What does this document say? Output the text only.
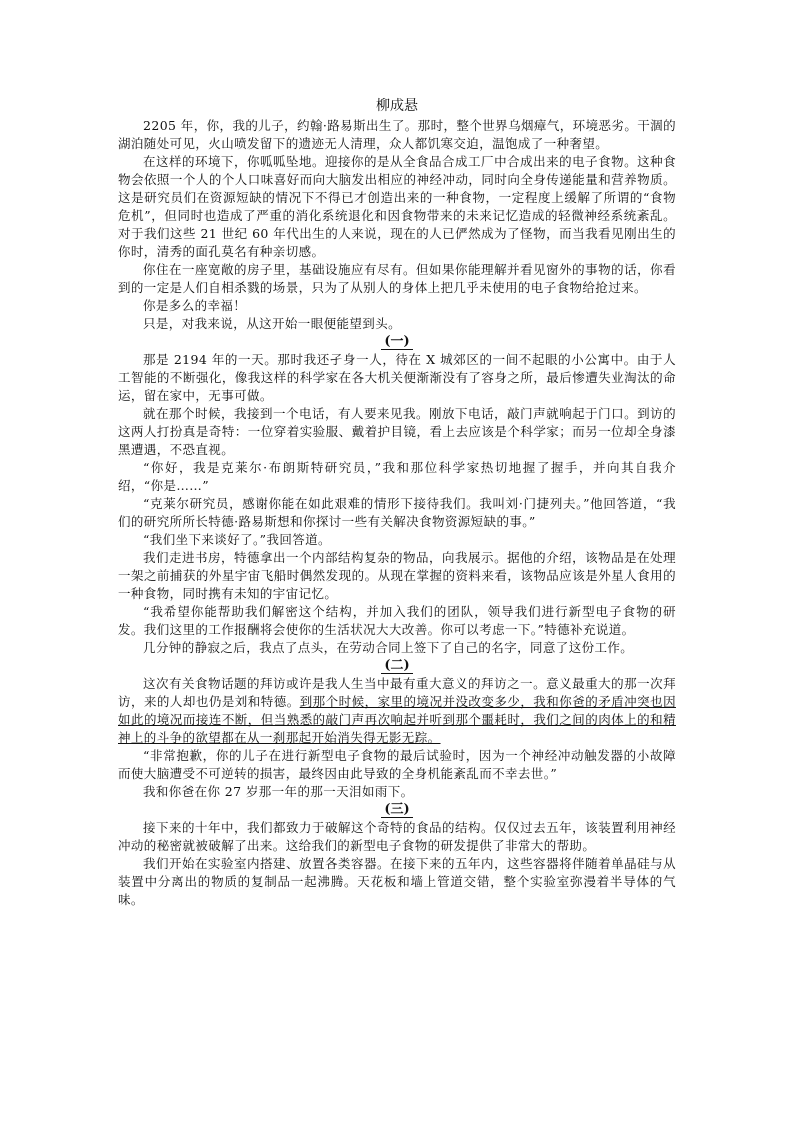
柳成悬

2205 年，你，我的儿子，约翰·路易斯出生了。那时，整个世界乌烟瘴气，环境恶劣。干涸的湖泊随处可见，火山喷发留下的遗迹无人清理，众人都饥寒交迫，温饱成了一种奢望。

在这样的环境下，你呱呱坠地。迎接你的是从全食品合成工厂中合成出来的电子食物。这种食物会依照一个人的个人口味喜好而向大脑发出相应的神经冲动，同时向全身传递能量和营养物质。这是研究员们在资源短缺的情况下不得已才创造出来的一种食物，一定程度上缓解了所谓的“食物危机”，但同时也造成了严重的消化系统退化和因食物带来的未来记忆造成的轻微神经系统紊乱。对于我们这些 21 世纪 60 年代出生的人来说，现在的人已俨然成为了怪物，而当我看见刚出生的你时，清秀的面孔莫名有种亲切感。

你住在一座宽敞的房子里，基础设施应有尽有。但如果你能理解并看见窗外的事物的话，你看到的一定是人们自相杀戮的场景，只为了从别人的身体上把几乎未使用的电子食物给抢过来。

你是多么的幸福！

只是，对我来说，从这开始一眼便能望到头。

(一)

那是 2194 年的一天。那时我还孑身一人，待在 X 城郊区的一间不起眼的小公寓中。由于人工智能的不断强化，像我这样的科学家在各大机关便渐渐没有了容身之所，最后惨遭失业淘汰的命运，留在家中，无事可做。

就在那个时候，我接到一个电话，有人要来见我。刚放下电话，敲门声就响起于门口。到访的这两人打扮真是奇特：一位穿着实验服、戴着护目镜，看上去应该是个科学家；而另一位却全身漆黑遭遇，不恐直视。

“你好，我是克莱尔·布朗斯特研究员，”我和那位科学家热切地握了握手，并向其自我介绍，“你是……”

“克莱尔研究员，感谢你能在如此艰难的情形下接待我们。我叫刘·门捷列夫。”他回答道，“我们的研究所所长特德·路易斯想和你探讨一些有关解决食物资源短缺的事。”

“我们坐下来谈好了。”我回答道。

我们走进书房，特德拿出一个内部结构复杂的物品，向我展示。据他的介绍，该物品是在处理一架之前捕获的外星宇宙飞船时偶然发现的。从现在掌握的资料来看，该物品应该是外星人食用的一种食物，同时携有未知的宇宙记忆。

“我希望你能帮助我们解密这个结构，并加入我们的团队，领导我们进行新型电子食物的研发。我们这里的工作报酬将会使你的生活状况大大改善。你可以考虑一下。”特德补充说道。

几分钟的静寂之后，我点了点头，在劳动合同上签下了自己的名字，同意了这份工作。

(二)

这次有关食物话题的拜访或许是我人生当中最有重大意义的拜访之一。意义最重大的那一次拜访，来的人却也仍是刘和特德。到那个时候，家里的境况并没改变多少，我和你爸的矛盾冲突也因如此的境况而接连不断，但当熟悉的敲门声再次响起并听到那个噩耗时，我们之间的肉体上的和精神上的斗争的欲望都在从一刹那起开始消失得无影无踪。

“非常抱歉，你的儿子在进行新型电子食物的最后试验时，因为一个神经冲动触发器的小故障而使大脑遭受不可逆转的损害，最终因由此导致的全身机能紊乱而不幸去世。”

我和你爸在你 27 岁那一年的那一天泪如雨下。

(三)

接下来的十年中，我们都致力于破解这个奇特的食品的结构。仅仅过去五年，该装置利用神经冲动的秘密就被破解了出来。这给我们的新型电子食物的研发提供了非常大的帮助。

我们开始在实验室内搭建、放置各类容器。在接下来的五年内，这些容器将伴随着单晶硅与从装置中分离出的物质的复制品一起沸腾。天花板和墙上管道交错，整个实验室弥漫着半导体的气味。
